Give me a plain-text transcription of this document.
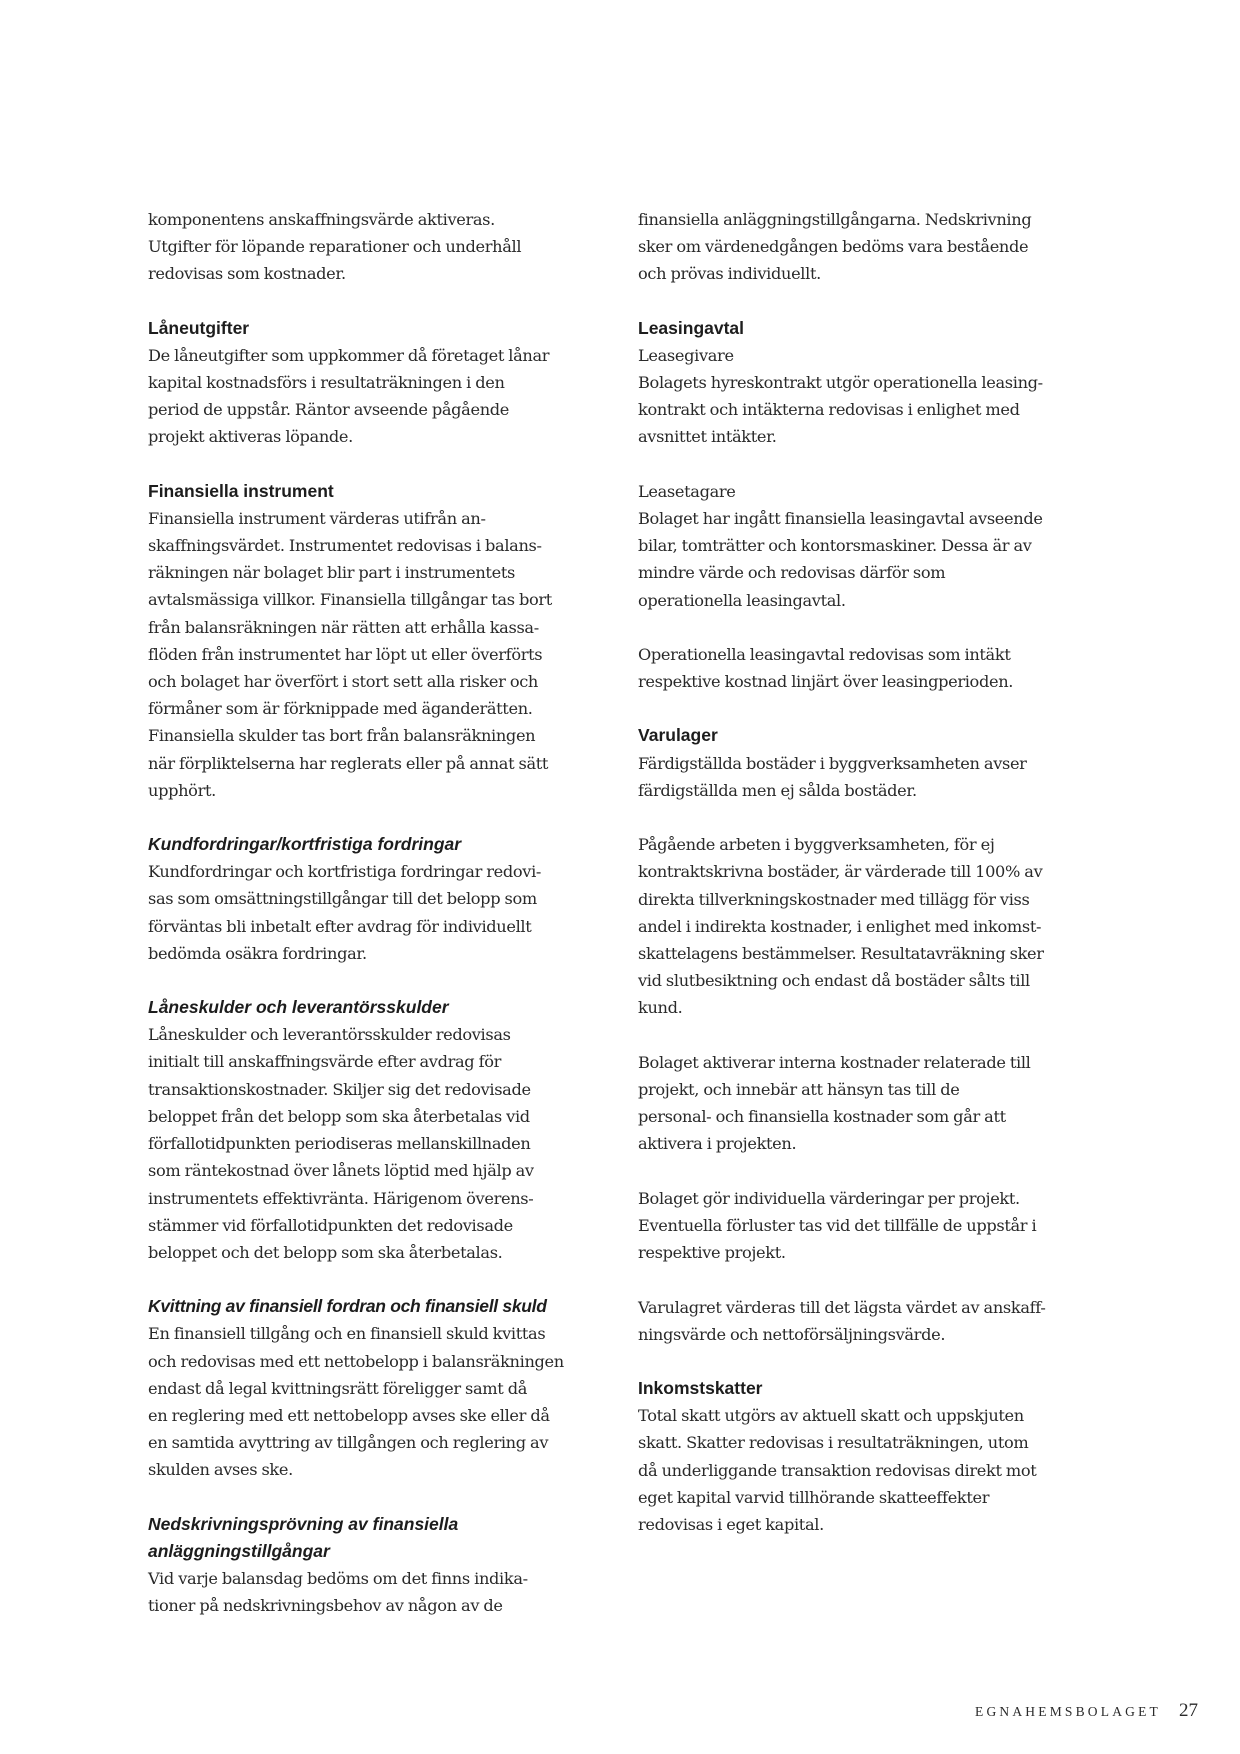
komponentens anskaffningsvärde aktiveras.
Utgifter för löpande reparationer och underhåll
redovisas som kostnader.
Låneutgifter
De låneutgifter som uppkommer då företaget lånar
kapital kostnadsförs i resultaträkningen i den
period de uppstår. Räntor avseende pågående
projekt aktiveras löpande.
Finansiella instrument
Finansiella instrument värderas utifrån an-
skaffningsvärdet. Instrumentet redovisas i balans-
räkningen när bolaget blir part i instrumentets
avtalsmässiga villkor. Finansiella tillgångar tas bort
från balansräkningen när rätten att erhålla kassa-
flöden från instrumentet har löpt ut eller överförts
och bolaget har överfört i stort sett alla risker och
förmåner som är förknippade med äganderätten.
Finansiella skulder tas bort från balansräkningen
när förpliktelserna har reglerats eller på annat sätt
upphört.
Kundfordringar/kortfristiga fordringar
Kundfordringar och kortfristiga fordringar redovi-
sas som omsättningstillgångar till det belopp som
förväntas bli inbetalt efter avdrag för individuellt
bedömda osäkra fordringar.
Låneskulder och leverantörsskulder
Låneskulder och leverantörsskulder redovisas
initialt till anskaffningsvärde efter avdrag för
transaktionskostnader. Skiljer sig det redovisade
beloppet från det belopp som ska återbetalas vid
förfallotidpunkten periodiseras mellanskillnaden
som räntekostnad över lånets löptid med hjälp av
instrumentets effektivränta. Härigenom överens-
stämmer vid förfallotidpunkten det redovisade
beloppet och det belopp som ska återbetalas.
Kvittning av finansiell fordran och finansiell skuld
En finansiell tillgång och en finansiell skuld kvittas
och redovisas med ett nettobelopp i balansräkningen
endast då legal kvittningsrätt föreligger samt då
en reglering med ett nettobelopp avses ske eller då
en samtida avyttring av tillgången och reglering av
skulden avses ske.
Nedskrivningsprövning av finansiella
anläggningstillgångar
Vid varje balansdag bedöms om det finns indika-
tioner på nedskrivningsbehov av någon av de
finansiella anläggningstillgångarna. Nedskrivning
sker om värdenedgången bedöms vara bestående
och prövas individuellt.
Leasingavtal
Leasegivare
Bolagets hyreskontrakt utgör operationella leasing-
kontrakt och intäkterna redovisas i enlighet med
avsnittet intäkter.
Leasetagare
Bolaget har ingått finansiella leasingavtal avseende
bilar, tomträtter och kontorsmaskiner. Dessa är av
mindre värde och redovisas därför som
operationella leasingavtal.
Operationella leasingavtal redovisas som intäkt
respektive kostnad linjärt över leasingperioden.
Varulager
Färdigställda bostäder i byggverksamheten avser
färdigställda men ej sålda bostäder.
Pågående arbeten i byggverksamheten, för ej
kontraktskrivna bostäder, är värderade till 100% av
direkta tillverkningskostnader med tillägg för viss
andel i indirekta kostnader, i enlighet med inkomst-
skattelagens bestämmelser. Resultatavräkning sker
vid slutbesiktning och endast då bostäder sålts till
kund.
Bolaget aktiverar interna kostnader relaterade till
projekt, och innebär att hänsyn tas till de
personal- och finansiella kostnader som går att
aktivera i projekten.
Bolaget gör individuella värderingar per projekt.
Eventuella förluster tas vid det tillfälle de uppstår i
respektive projekt.
Varulagret värderas till det lägsta värdet av anskaff-
ningsvärde och nettoförsäljningsvärde.
Inkomstskatter
Total skatt utgörs av aktuell skatt och uppskjuten
skatt. Skatter redovisas i resultaträkningen, utom
då underliggande transaktion redovisas direkt mot
eget kapital varvid tillhörande skatteeffekter
redovisas i eget kapital.
EGNAHEMSBOLAGET 27
